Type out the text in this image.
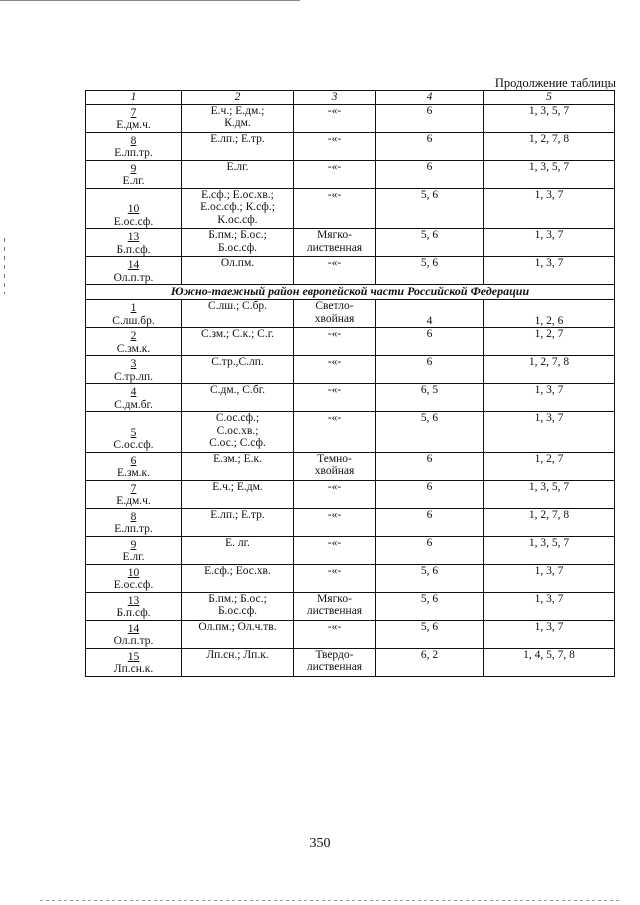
Продолжение таблицы
1	2	3	4	5

7
Е.дм.ч.	Е.ч.; Е.дм.;
К.дм.	-«-	6	1, 3, 5, 7

8
Е.лп.тр.	Е.лп.; Е.тр.	-«-	6	1, 2, 7, 8

9
Е.лг.	Е.лг.	-«-	6	1, 3, 5, 7

10
Е.ос.сф.	Е.сф.; Е.ос.хв.;
Е.ос.сф.; К.сф.;
К.ос.сф.	-«-	5, 6	1, 3, 7

13
Б.п.сф.	Б.пм.; Б.ос.;
Б.ос.сф.	Мягко-
лиственная	5, 6	1, 3, 7

14
Ол.п.тр.	Ол.пм.	-«-	5, 6	1, 3, 7
Южно-таежный район европейской части Российской Федерации				

1
С.лш.бр.	С.лш.; С.бр.	Светло-
хвойная	4	1, 2, 6

2
С.зм.к.	С.зм.; С.к.; С.г.	-«-	6	1, 2, 7

3
С.тр.лп.	С.тр.,С.лп.	-«-	6	1, 2, 7, 8

4
С.дм.бг.	С.дм., С.бг.	-«-	6, 5	1, 3, 7

5
С.ос.сф.	С.ос.сф.;
С.ос.хв.;
С.ос.; С.сф.	-«-	5, 6	1, 3, 7

6
Е.зм.к.	Е.зм.; Е.к.	Темно-
хвойная	6	1, 2, 7

7
Е.дм.ч.	Е.ч.; Е.дм.	-«-	6	1, 3, 5, 7

8
Е.лп.тр.	Е.лп.; Е.тр.	-«-	6	1, 2, 7, 8

9
Е.лг.	Е. лг.	-«-	6	1, 3, 5, 7

10
Е.ос.сф.	Е.сф.; Еос.хв.	-«-	5, 6	1, 3, 7

13
Б.п.сф.	Б.пм.; Б.ос.;
Б.ос.сф.	Мягко-
лиственная	5, 6	1, 3, 7

14
Ол.п.тр.	Ол.пм.; Ол.ч.тв.	-«-	5, 6	1, 3, 7

15
Лп.сн.к.	Лп.сн.; Лп.к.	Твердо-
лиственная	6, 2	1, 4, 5, 7, 8
350
